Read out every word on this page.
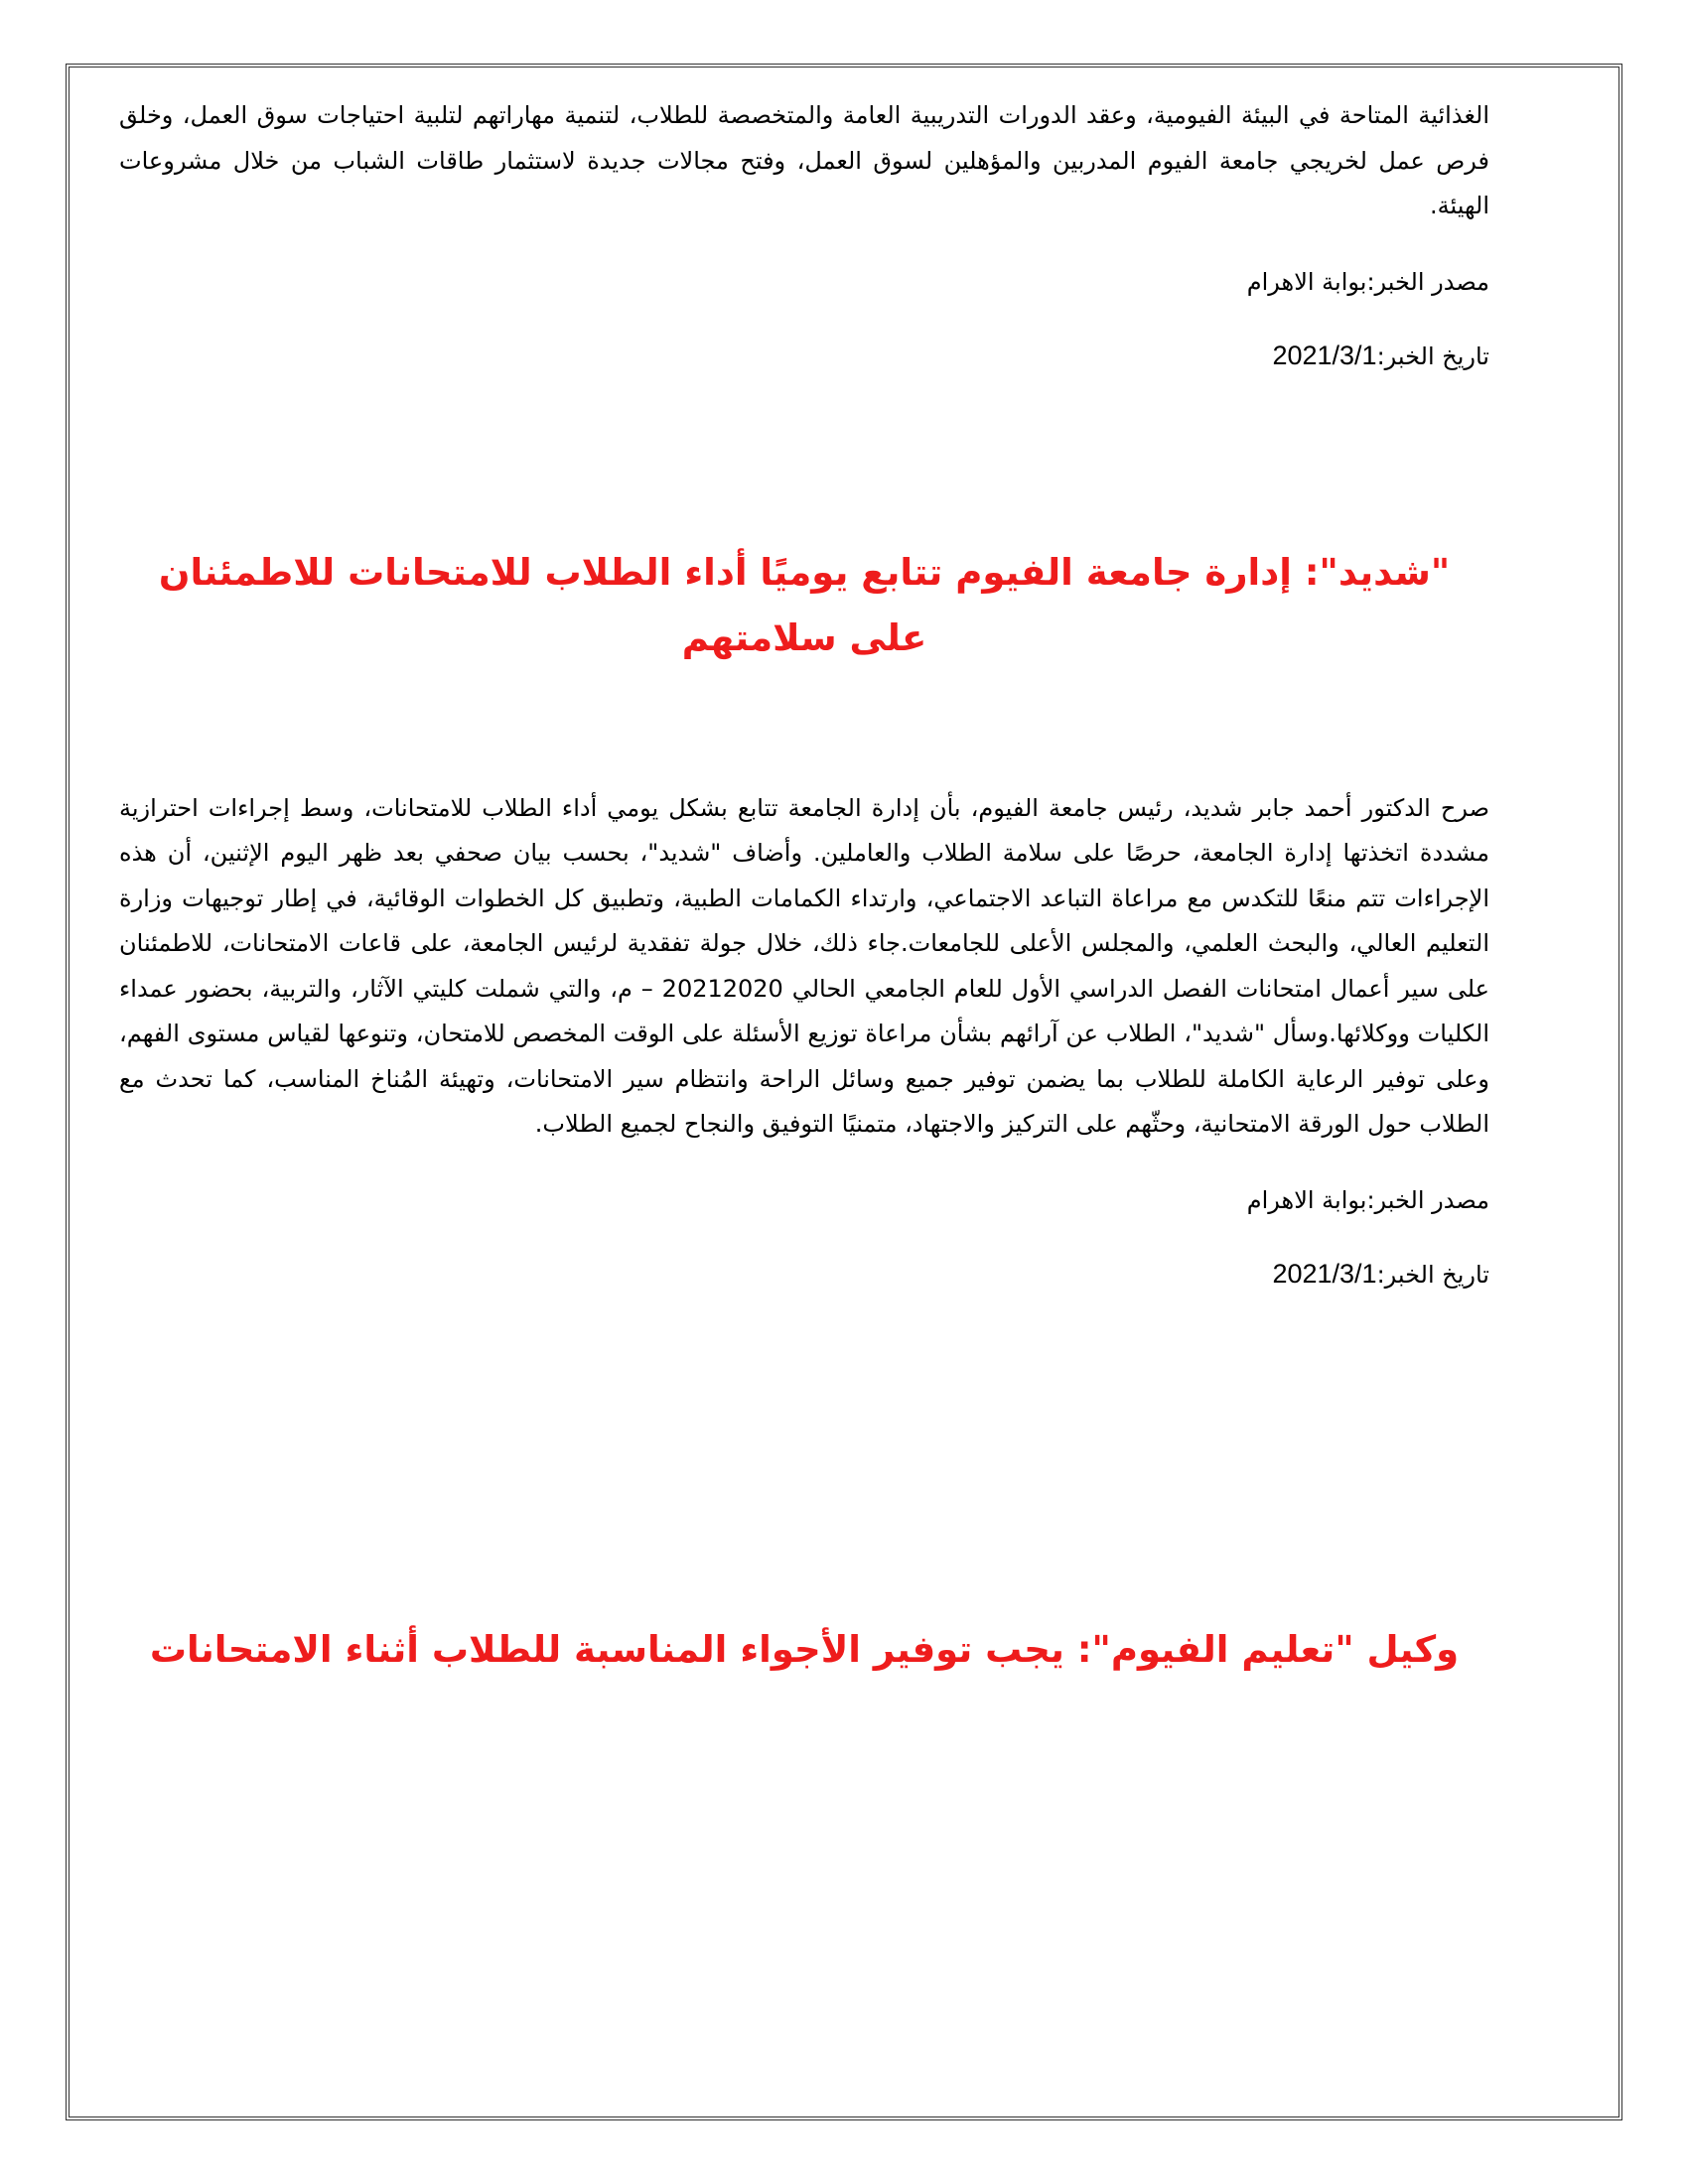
الغذائية المتاحة في البيئة الفيومية، وعقد الدورات التدريبية العامة والمتخصصة للطلاب، لتنمية مهاراتهم لتلبية احتياجات سوق العمل، وخلق فرص عمل لخريجي جامعة الفيوم المدربين والمؤهلين لسوق العمل، وفتح مجالات جديدة لاستثمار طاقات الشباب من خلال مشروعات الهيئة.

مصدر الخبر:بوابة الاهرام

تاريخ الخبر:2021/3/1

"شديد": إدارة جامعة الفيوم تتابع يوميًا أداء الطلاب للامتحانات للاطمئنان على سلامتهم

صرح الدكتور أحمد جابر شديد، رئيس جامعة الفيوم، بأن إدارة الجامعة تتابع بشكل يومي أداء الطلاب للامتحانات، وسط إجراءات احترازية مشددة اتخذتها إدارة الجامعة، حرصًا على سلامة الطلاب والعاملين. وأضاف "شديد"، بحسب بيان صحفي بعد ظهر اليوم الإثنين، أن هذه الإجراءات تتم منعًا للتكدس مع مراعاة التباعد الاجتماعي، وارتداء الكمامات الطبية، وتطبيق كل الخطوات الوقائية، في إطار توجيهات وزارة التعليم العالي، والبحث العلمي، والمجلس الأعلى للجامعات.جاء ذلك، خلال جولة تفقدية لرئيس الجامعة، على قاعات الامتحانات، للاطمئنان على سير أعمال امتحانات الفصل الدراسي الأول للعام الجامعي الحالي 20212020 – م، والتي شملت كليتي الآثار، والتربية، بحضور عمداء الكليات ووكلائها.وسأل "شديد"، الطلاب عن آرائهم بشأن مراعاة توزيع الأسئلة على الوقت المخصص للامتحان، وتنوعها لقياس مستوى الفهم، وعلى توفير الرعاية الكاملة للطلاب بما يضمن توفير جميع وسائل الراحة وانتظام سير الامتحانات، وتهيئة المُناخ المناسب، كما تحدث مع الطلاب حول الورقة الامتحانية، وحثّهم على التركيز والاجتهاد، متمنيًا التوفيق والنجاح لجميع الطلاب.

مصدر الخبر:بوابة الاهرام

تاريخ الخبر:2021/3/1

وكيل "تعليم الفيوم": يجب توفير الأجواء المناسبة للطلاب أثناء الامتحانات
